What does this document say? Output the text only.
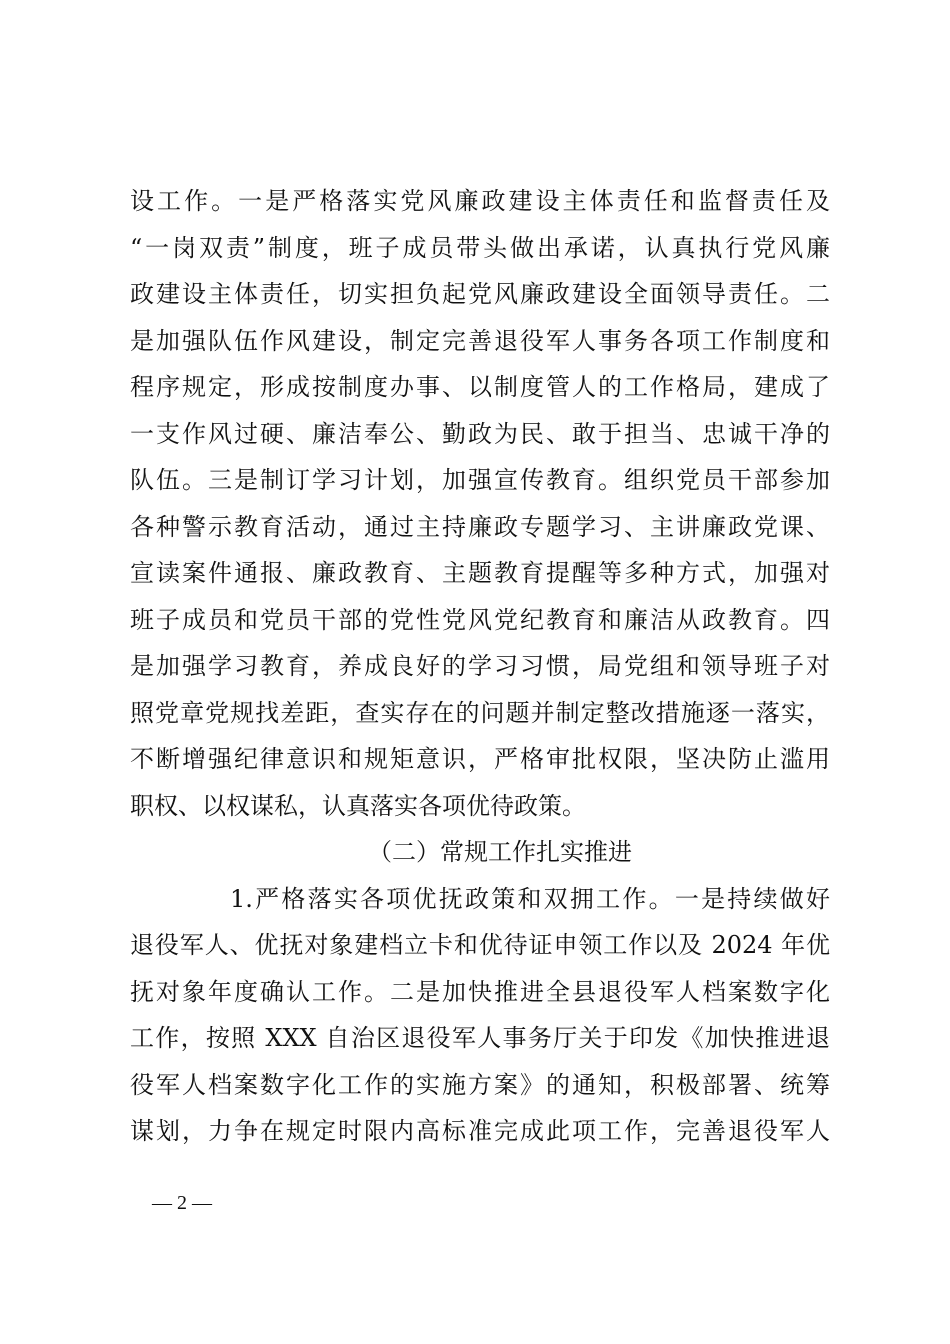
设工作。一是严格落实党风廉政建设主体责任和监督责任及
“一岗双责”制度，班子成员带头做出承诺，认真执行党风廉
政建设主体责任，切实担负起党风廉政建设全面领导责任。二
是加强队伍作风建设，制定完善退役军人事务各项工作制度和
程序规定，形成按制度办事、以制度管人的工作格局，建成了
一支作风过硬、廉洁奉公、勤政为民、敢于担当、忠诚干净的
队伍。三是制订学习计划，加强宣传教育。组织党员干部参加
各种警示教育活动，通过主持廉政专题学习、主讲廉政党课、
宣读案件通报、廉政教育、主题教育提醒等多种方式，加强对
班子成员和党员干部的党性党风党纪教育和廉洁从政教育。四
是加强学习教育，养成良好的学习习惯，局党组和领导班子对
照党章党规找差距，查实存在的问题并制定整改措施逐一落实，
不断增强纪律意识和规矩意识，严格审批权限，坚决防止滥用
职权、以权谋私，认真落实各项优待政策。
（二）常规工作扎实推进
1.严格落实各项优抚政策和双拥工作。一是持续做好
退役军人、优抚对象建档立卡和优待证申领工作以及 2024 年优
抚对象年度确认工作。二是加快推进全县退役军人档案数字化
工作，按照 XXX 自治区退役军人事务厅关于印发《加快推进退
役军人档案数字化工作的实施方案》的通知，积极部署、统筹
谋划，力争在规定时限内高标准完成此项工作，完善退役军人
— 2 —
